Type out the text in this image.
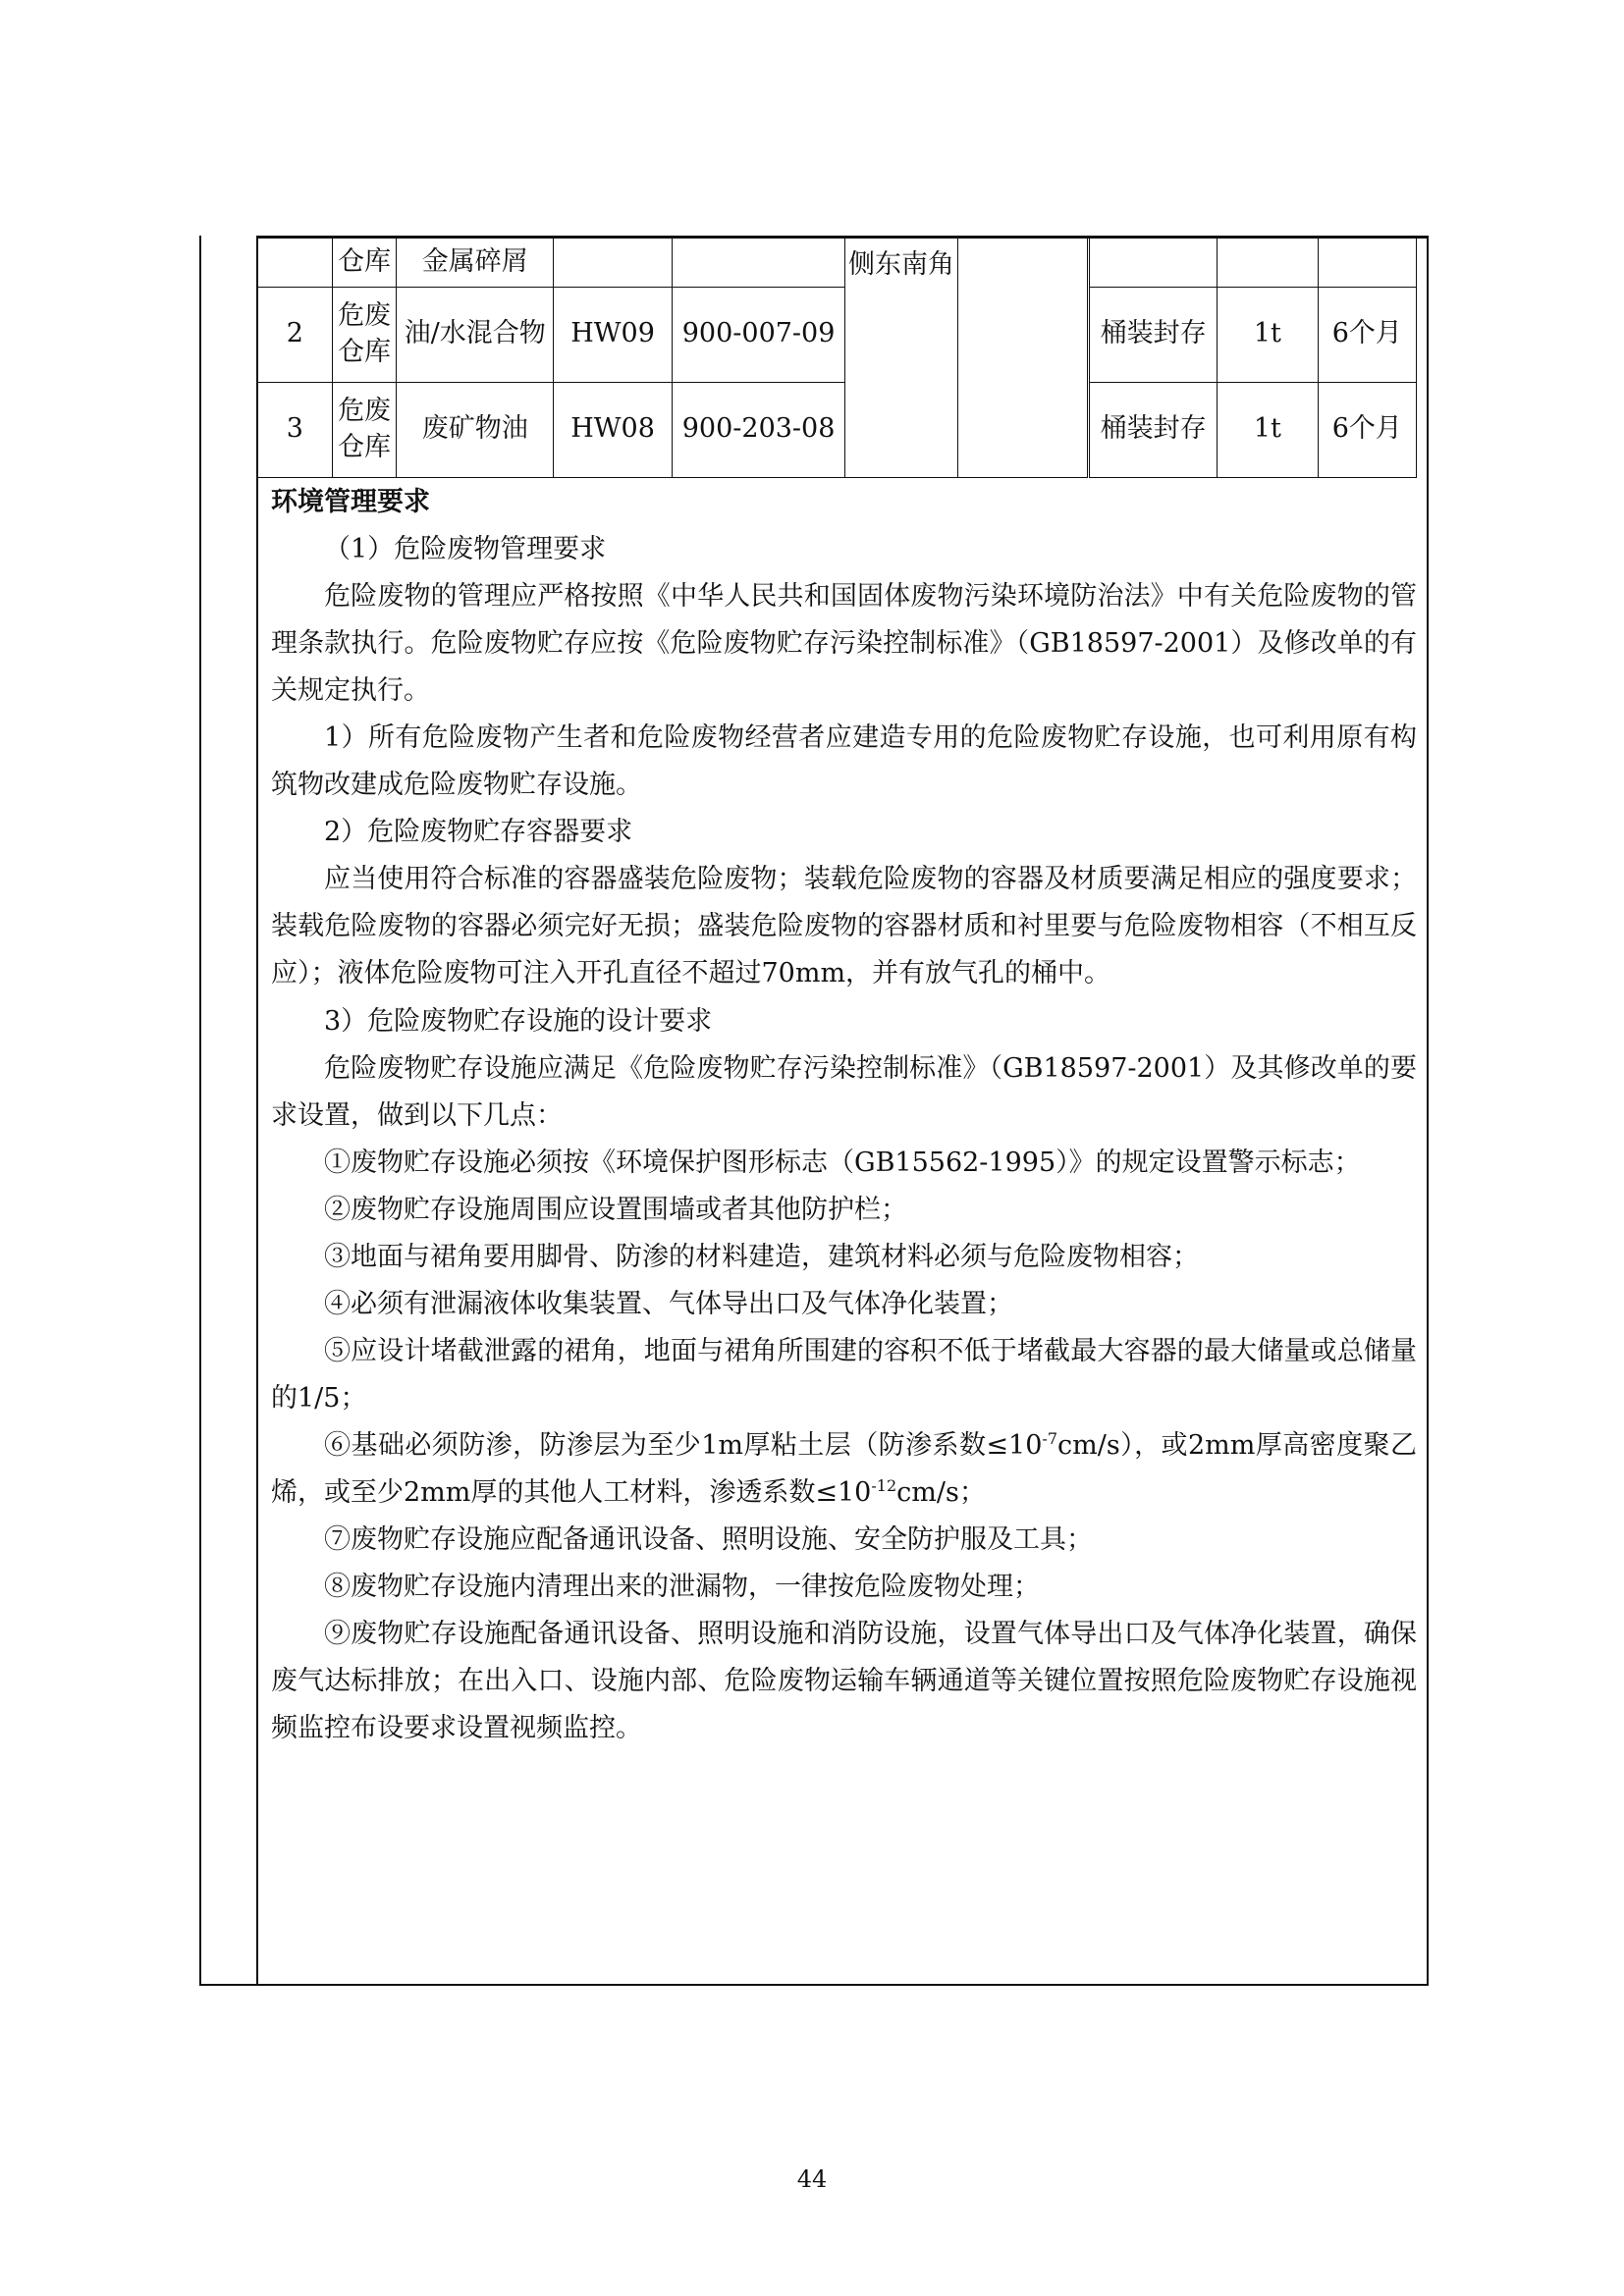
	仓库	金属碎屑			侧东南角				
2	危废仓库	油/水混合物	HW09	900-007-09			桶装封存	1t	6个月
3	危废仓库	废矿物油	HW08	900-203-08			桶装封存	1t	6个月
环境管理要求

（1）危险废物管理要求

危险废物的管理应严格按照《中华人民共和国固体废物污染环境防治法》中有关危险废物的管理条款执行。危险废物贮存应按《危险废物贮存污染控制标准》（GB18597-2001）及修改单的有关规定执行。

1）所有危险废物产生者和危险废物经营者应建造专用的危险废物贮存设施，也可利用原有构筑物改建成危险废物贮存设施。

2）危险废物贮存容器要求

应当使用符合标准的容器盛装危险废物；装载危险废物的容器及材质要满足相应的强度要求；装载危险废物的容器必须完好无损；盛装危险废物的容器材质和衬里要与危险废物相容（不相互反应）；液体危险废物可注入开孔直径不超过70mm，并有放气孔的桶中。

3）危险废物贮存设施的设计要求

危险废物贮存设施应满足《危险废物贮存污染控制标准》（GB18597-2001）及其修改单的要求设置，做到以下几点：

①废物贮存设施必须按《环境保护图形标志（GB15562-1995）》的规定设置警示标志；

②废物贮存设施周围应设置围墙或者其他防护栏；

③地面与裙角要用脚骨、防渗的材料建造，建筑材料必须与危险废物相容；

④必须有泄漏液体收集装置、气体导出口及气体净化装置；

⑤应设计堵截泄露的裙角，地面与裙角所围建的容积不低于堵截最大容器的最大储量或总储量的1/5；

⑥基础必须防渗，防渗层为至少1m厚粘土层（防渗系数$\le 10^{-7}cm/s$），或2mm厚高密度聚乙烯，或至少2mm厚的其他人工材料，渗透系数$\le 10^{-12}cm/s$；

⑦废物贮存设施应配备通讯设备、照明设施、安全防护服及工具；

⑧废物贮存设施内清理出来的泄漏物，一律按危险废物处理；

⑨废物贮存设施配备通讯设备、照明设施和消防设施，设置气体导出口及气体净化装置，确保废气达标排放；在出入口、设施内部、危险废物运输车辆通道等关键位置按照危险废物贮存设施视频监控布设要求设置视频监控。

44
